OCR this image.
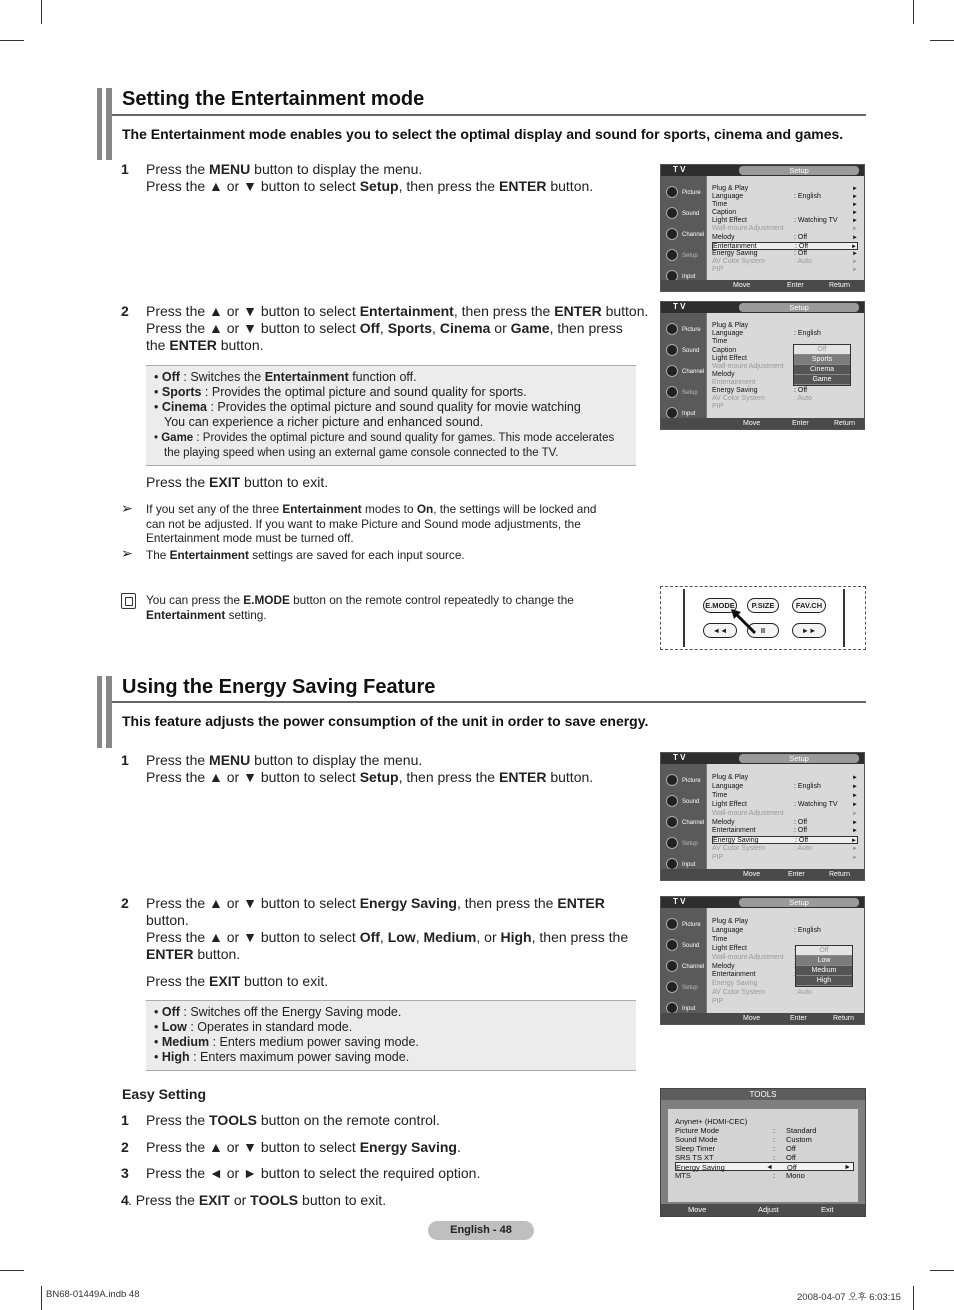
Setting the Entertainment mode
The Entertainment mode enables you to select the optimal display and sound for sports, cinema and games.
1 Press the MENU button to display the menu.
Press the ▲ or ▼ button to select Setup, then press the ENTER button.
2 Press the ▲ or ▼ button to select Entertainment, then press the ENTER button.
Press the ▲ or ▼ button to select Off, Sports, Cinema or Game, then press
the ENTER button.
• Off : Switches the Entertainment function off.
• Sports : Provides the optimal picture and sound quality for sports.
• Cinema : Provides the optimal picture and sound quality for movie watching
You can experience a richer picture and enhanced sound.
• Game : Provides the optimal picture and sound quality for games. This mode accelerates
the playing speed when using an external game console connected to the TV.
Press the EXIT button to exit.
➢ If you set any of the three Entertainment modes to On, the settings will be locked and
can not be adjusted. If you want to make Picture and Sound mode adjustments, the
Entertainment mode must be turned off.
➢ The Entertainment settings are saved for each input source.
You can press the E.MODE button on the remote control repeatedly to change the
Entertainment setting.
T V	Setup
Picture
Sound
Channel
Setup
Input
Plug & Play	►
Language	: English	►
Time	►
Caption	►
Light Effect	: Watching TV ►
Wall-mount Adjustment	►
Melody	: Off	►
Entertainment	: Off	►
Energy Saving	: Off	►
AV Color System	: Auto	►
PIP	►
Move	Enter	Return
T V	Setup
Picture
Sound
Channel
Setup
Input
Plug & Play
Language	: English
Time
Caption
Light Effect
Wall-mount Adjustment
Melody
Entertainment
Energy Saving	: Off
AV Color System	: Auto
PIP
Off
Sports
Cinema
Game
Move	Enter	Return
E.MODE	P.SIZE	FAV.CH
◄◄	II	►►
Using the Energy Saving Feature
This feature adjusts the power consumption of the unit in order to save energy.
1 Press the MENU button to display the menu.
Press the ▲ or ▼ button to select Setup, then press the ENTER button.
2 Press the ▲ or ▼ button to select Energy Saving, then press the ENTER
button.
Press the ▲ or ▼ button to select Off, Low, Medium, or High, then press the
ENTER button.
Press the EXIT button to exit.
• Off : Switches off the Energy Saving mode.
• Low : Operates in standard mode.
• Medium : Enters medium power saving mode.
• High : Enters maximum power saving mode.
Easy Setting
1 Press the TOOLS button on the remote control.
2 Press the ▲ or ▼ button to select Energy Saving.
3 Press the ◄ or ► button to select the required option.
4 . Press the EXIT or TOOLS button to exit.
T V	Setup
Picture
Sound
Channel
Setup
Input
Plug & Play	►
Language	: English	►
Time	►
Light Effect	: Watching TV ►
Wall-mount Adjustment	►
Melody	: Off	►
Entertainment	: Off	►
Energy Saving	: Off	►
AV Color System	: Auto	►
PIP	►
Move	Enter	Return
T V	Setup
Picture
Sound
Channel
Setup
Input
Plug & Play
Language	: English
Time
Light Effect
Wall-mount Adjustment
Melody
Entertainment
Energy Saving
AV Color System	: Auto
PIP
Off
Low
Medium
High
Move	Enter	Return
TOOLS
Anynet+ (HDMI-CEC)
Picture Mode	: Standard
Sound Mode	: Custom
Sleep Timer	: Off
SRS TS XT	: Off
Energy Saving	◄ Off	►
MTS	: Mono
Move	Adjust	Exit
English - 48
BN68-01449A.indb 48	2008-04-07 오후 6:03:15
